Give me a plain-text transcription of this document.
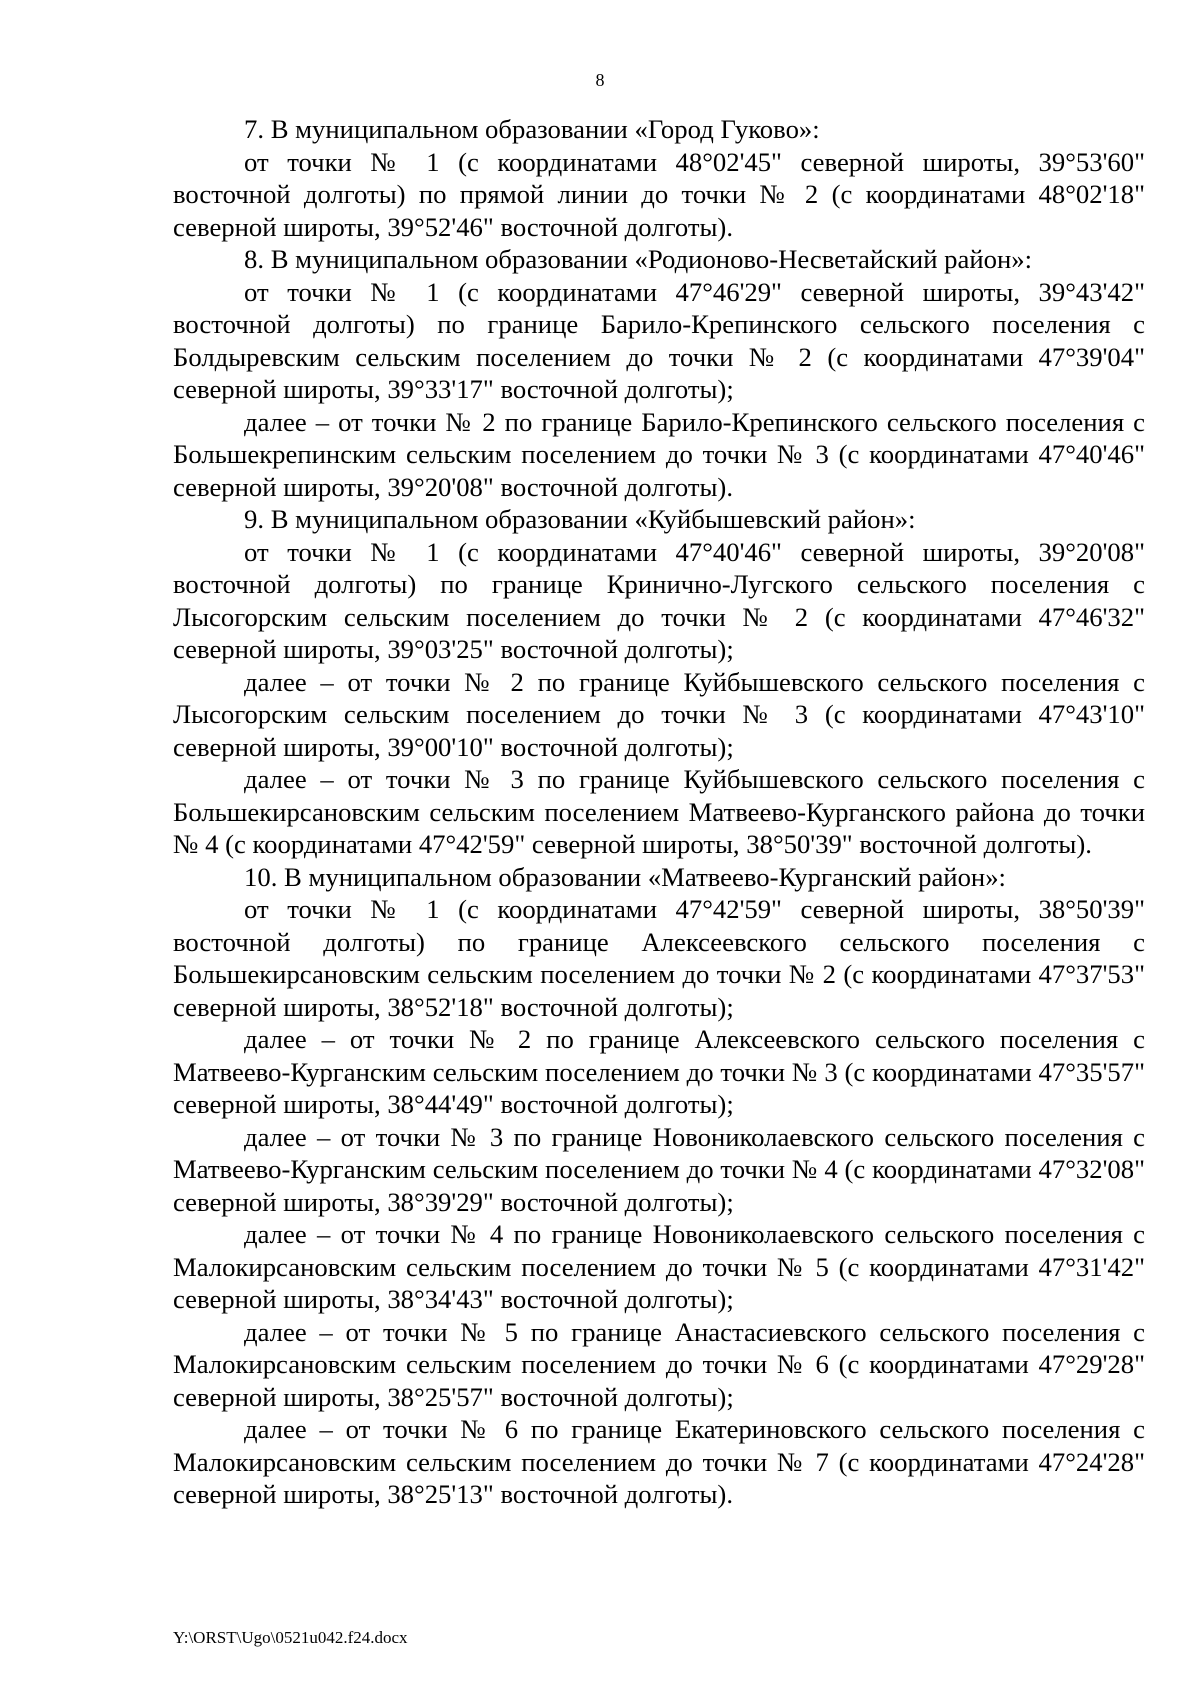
8

7. В муниципальном образовании «Город Гуково»:

от точки № 1 (с координатами 48°02'45" северной широты, 39°53'60" восточной долготы) по прямой линии до точки № 2 (с координатами 48°02'18" северной широты, 39°52'46" восточной долготы).

8. В муниципальном образовании «Родионово-Несветайский район»:

от точки № 1 (с координатами 47°46'29" северной широты, 39°43'42" восточной долготы) по границе Барило-Крепинского сельского поселения с Болдыревским сельским поселением до точки № 2 (с координатами 47°39'04" северной широты, 39°33'17" восточной долготы);

далее – от точки № 2 по границе Барило-Крепинского сельского поселения с Большекрепинским сельским поселением до точки № 3 (с координатами 47°40'46" северной широты, 39°20'08" восточной долготы).

9. В муниципальном образовании «Куйбышевский район»:

от точки № 1 (с координатами 47°40'46" северной широты, 39°20'08" восточной долготы) по границе Кринично-Лугского сельского поселения с Лысогорским сельским поселением до точки № 2 (с координатами 47°46'32" северной широты, 39°03'25" восточной долготы);

далее – от точки № 2 по границе Куйбышевского сельского поселения с Лысогорским сельским поселением до точки № 3 (с координатами 47°43'10" северной широты, 39°00'10" восточной долготы);

далее – от точки № 3 по границе Куйбышевского сельского поселения с Большекирсановским сельским поселением Матвеево-Курганского района до точки № 4 (с координатами 47°42'59" северной широты, 38°50'39" восточной долготы).

10. В муниципальном образовании «Матвеево-Курганский район»:

от точки № 1 (с координатами 47°42'59" северной широты, 38°50'39" восточной долготы) по границе Алексеевского сельского поселения с Большекирсановским сельским поселением до точки № 2 (с координатами 47°37'53" северной широты, 38°52'18" восточной долготы);

далее – от точки № 2 по границе Алексеевского сельского поселения с Матвеево-Курганским сельским поселением до точки № 3 (с координатами 47°35'57" северной широты, 38°44'49" восточной долготы);

далее – от точки № 3 по границе Новониколаевского сельского поселения с Матвеево-Курганским сельским поселением до точки № 4 (с координатами 47°32'08" северной широты, 38°39'29" восточной долготы);

далее – от точки № 4 по границе Новониколаевского сельского поселения с Малокирсановским сельским поселением до точки № 5 (с координатами 47°31'42" северной широты, 38°34'43" восточной долготы);

далее – от точки № 5 по границе Анастасиевского сельского поселения с Малокирсановским сельским поселением до точки № 6 (с координатами 47°29'28" северной широты, 38°25'57" восточной долготы);

далее – от точки № 6 по границе Екатериновского сельского поселения с Малокирсановским сельским поселением до точки № 7 (с координатами 47°24'28" северной широты, 38°25'13" восточной долготы).

Y:\ORST\Ugo\0521u042.f24.docx
